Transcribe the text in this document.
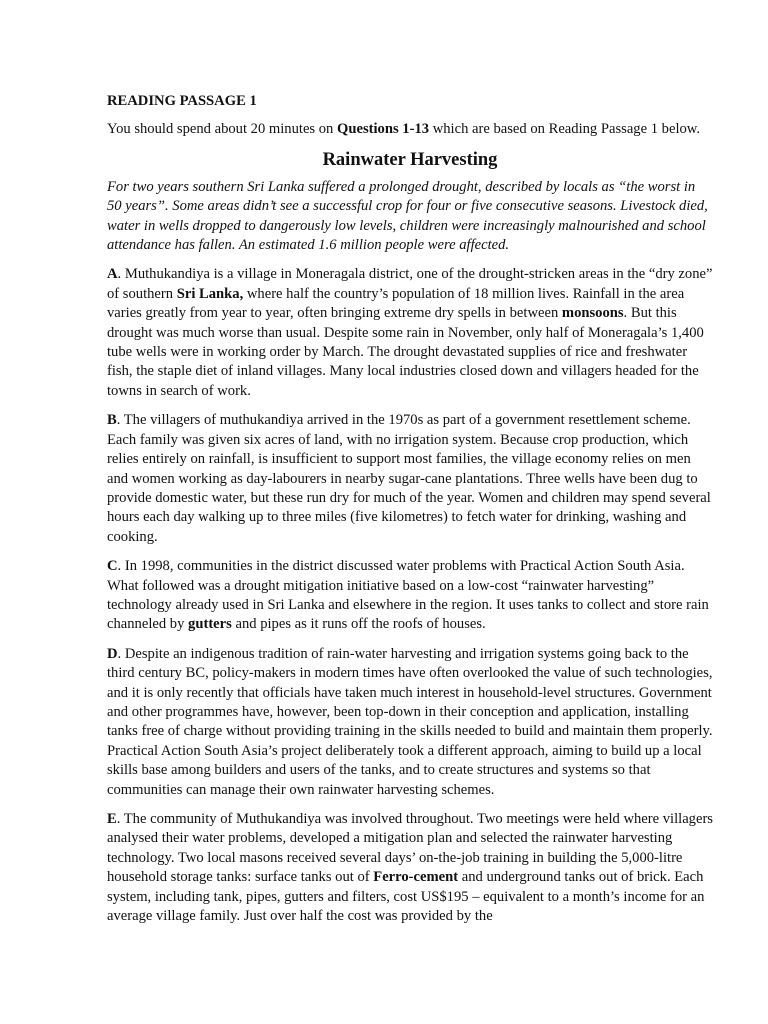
READING PASSAGE 1
You should spend about 20 minutes on Questions 1-13 which are based on Reading Passage 1 below.
Rainwater Harvesting
For two years southern Sri Lanka suffered a prolonged drought, described by locals as “the worst in 50 years”. Some areas didn’t see a successful crop for four or five consecutive seasons. Livestock died, water in wells dropped to dangerously low levels, children were increasingly malnourished and school attendance has fallen. An estimated 1.6 million people were affected.
A. Muthukandiya is a village in Moneragala district, one of the drought-stricken areas in the “dry zone” of southern Sri Lanka, where half the country’s population of 18 million lives. Rainfall in the area varies greatly from year to year, often bringing extreme dry spells in between monsoons. But this drought was much worse than usual. Despite some rain in November, only half of Moneragala’s 1,400 tube wells were in working order by March. The drought devastated supplies of rice and freshwater fish, the staple diet of inland villages. Many local industries closed down and villagers headed for the towns in search of work.
B. The villagers of muthukandiya arrived in the 1970s as part of a government resettlement scheme. Each family was given six acres of land, with no irrigation system. Because crop production, which relies entirely on rainfall, is insufficient to support most families, the village economy relies on men and women working as day-labourers in nearby sugar-cane plantations. Three wells have been dug to provide domestic water, but these run dry for much of the year. Women and children may spend several hours each day walking up to three miles (five kilometres) to fetch water for drinking, washing and cooking.
C. In 1998, communities in the district discussed water problems with Practical Action South Asia. What followed was a drought mitigation initiative based on a low-cost “rainwater harvesting” technology already used in Sri Lanka and elsewhere in the region. It uses tanks to collect and store rain channeled by gutters and pipes as it runs off the roofs of houses.
D. Despite an indigenous tradition of rain-water harvesting and irrigation systems going back to the third century BC, policy-makers in modern times have often overlooked the value of such technologies, and it is only recently that officials have taken much interest in household-level structures. Government and other programmes have, however, been top-down in their conception and application, installing tanks free of charge without providing training in the skills needed to build and maintain them properly. Practical Action South Asia’s project deliberately took a different approach, aiming to build up a local skills base among builders and users of the tanks, and to create structures and systems so that communities can manage their own rainwater harvesting schemes.
E. The community of Muthukandiya was involved throughout. Two meetings were held where villagers analysed their water problems, developed a mitigation plan and selected the rainwater harvesting technology. Two local masons received several days’ on-the-job training in building the 5,000-litre household storage tanks: surface tanks out of Ferro-cement and underground tanks out of brick. Each system, including tank, pipes, gutters and filters, cost US$195 – equivalent to a month’s income for an average village family. Just over half the cost was provided by the
